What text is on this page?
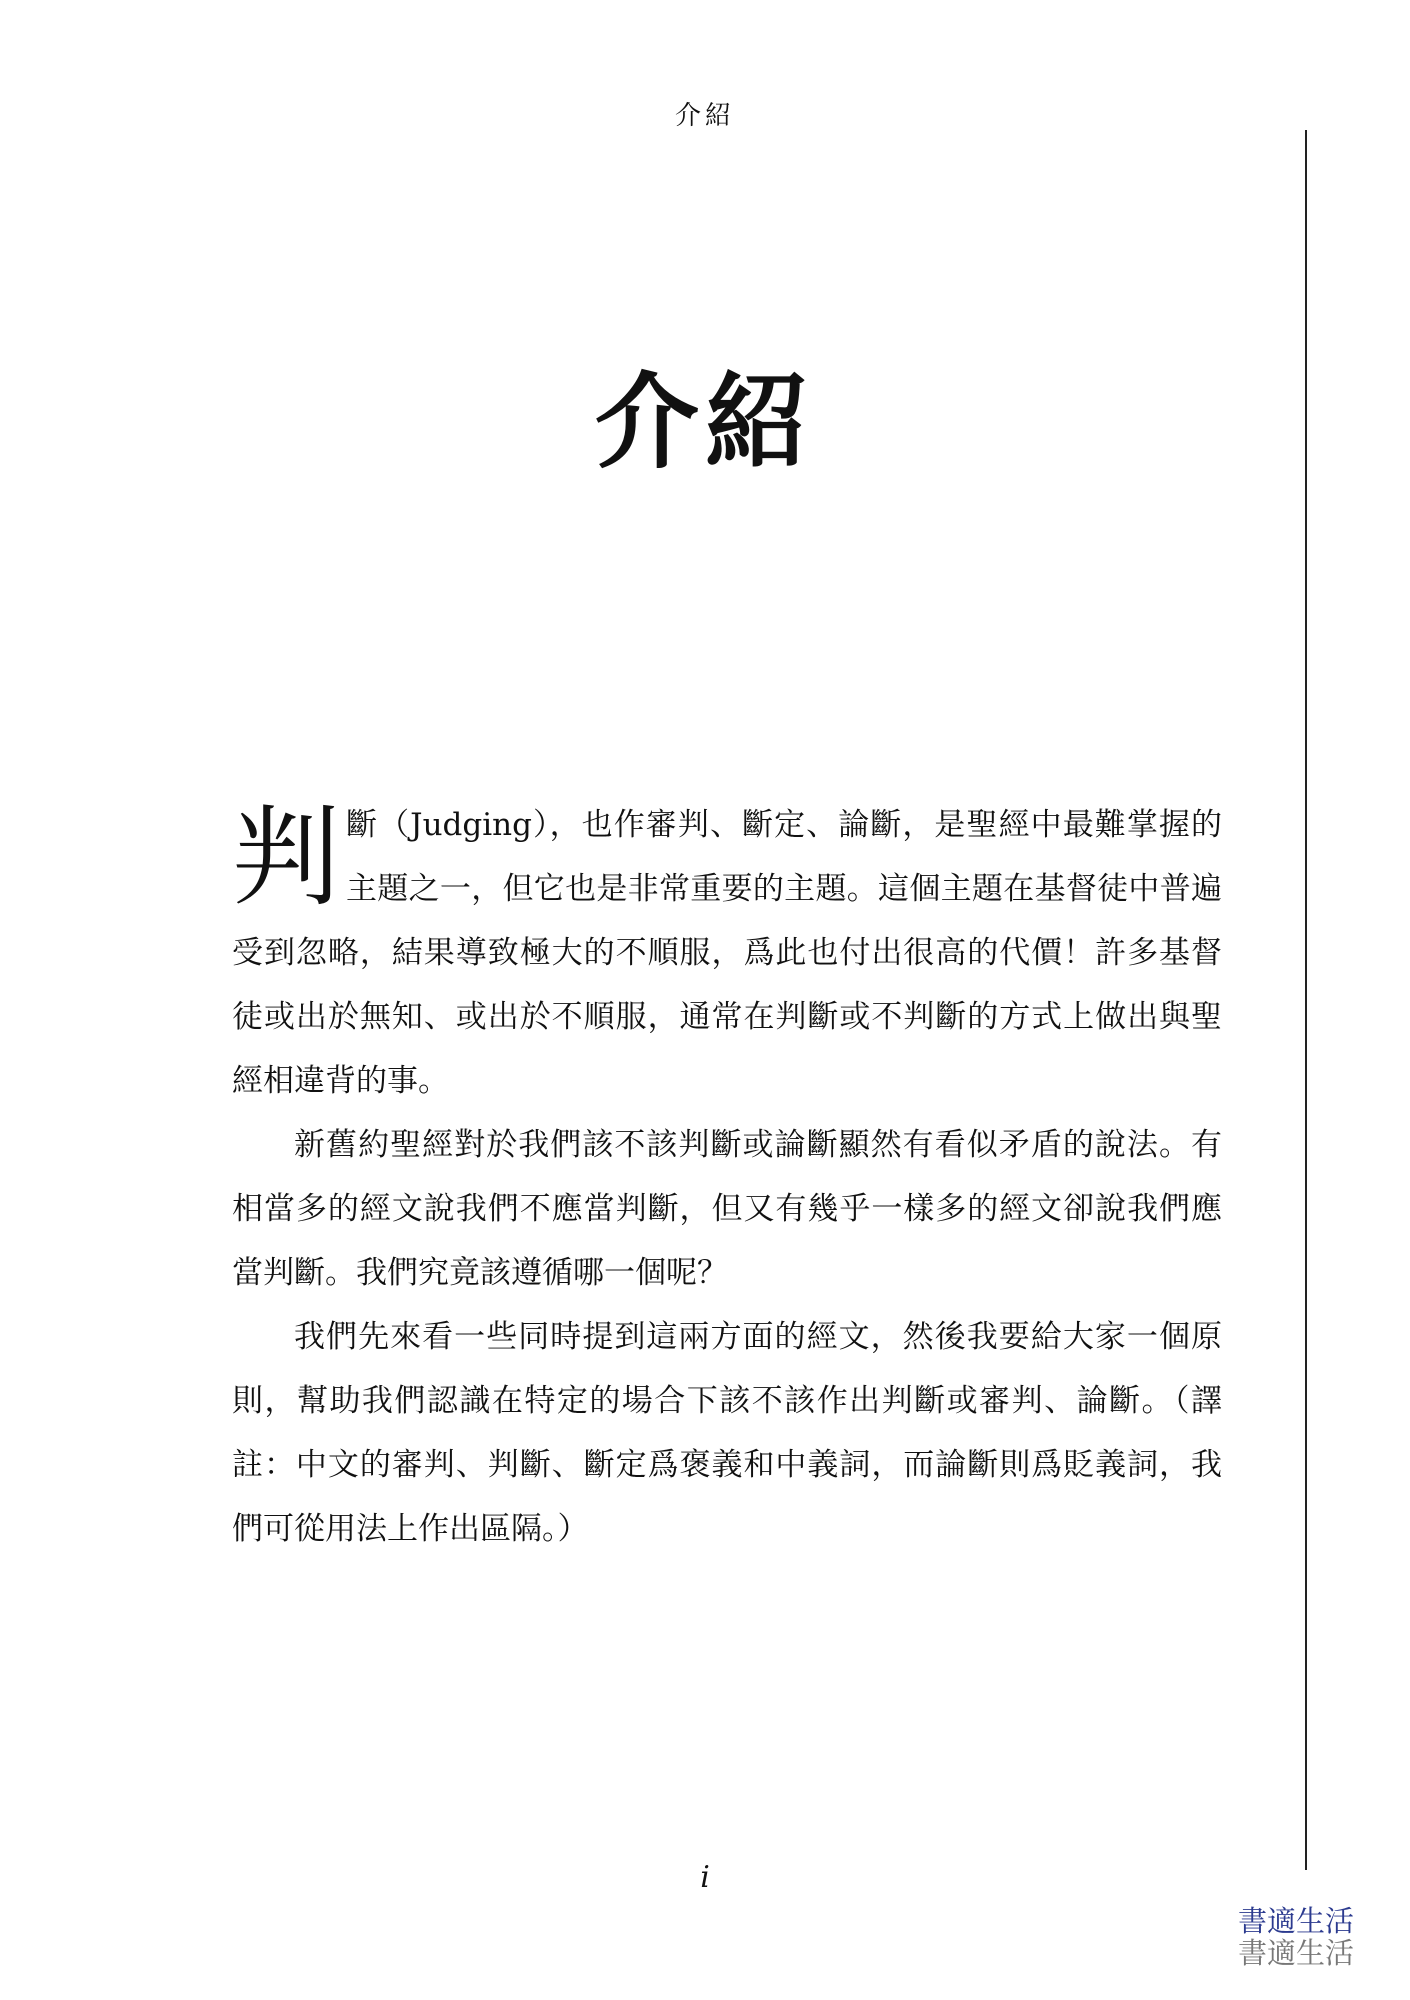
介紹
介紹

判斷（Judging），也作審判、斷定、論斷，是聖經中最難掌握的主題之一，但它也是非常重要的主題。這個主題在基督徒中普遍受到忽略，結果導致極大的不順服，爲此也付出很高的代價！許多基督徒或出於無知、或出於不順服，通常在判斷或不判斷的方式上做出與聖經相違背的事。

新舊約聖經對於我們該不該判斷或論斷顯然有看似矛盾的說法。有相當多的經文說我們不應當判斷，但又有幾乎一樣多的經文卻說我們應當判斷。我們究竟該遵循哪一個呢？

我們先來看一些同時提到這兩方面的經文，然後我要給大家一個原則，幫助我們認識在特定的場合下該不該作出判斷或審判、論斷。（譯註：中文的審判、判斷、斷定爲褒義和中義詞，而論斷則爲貶義詞，我們可從用法上作出區隔。）

i
書適生活
書適生活
